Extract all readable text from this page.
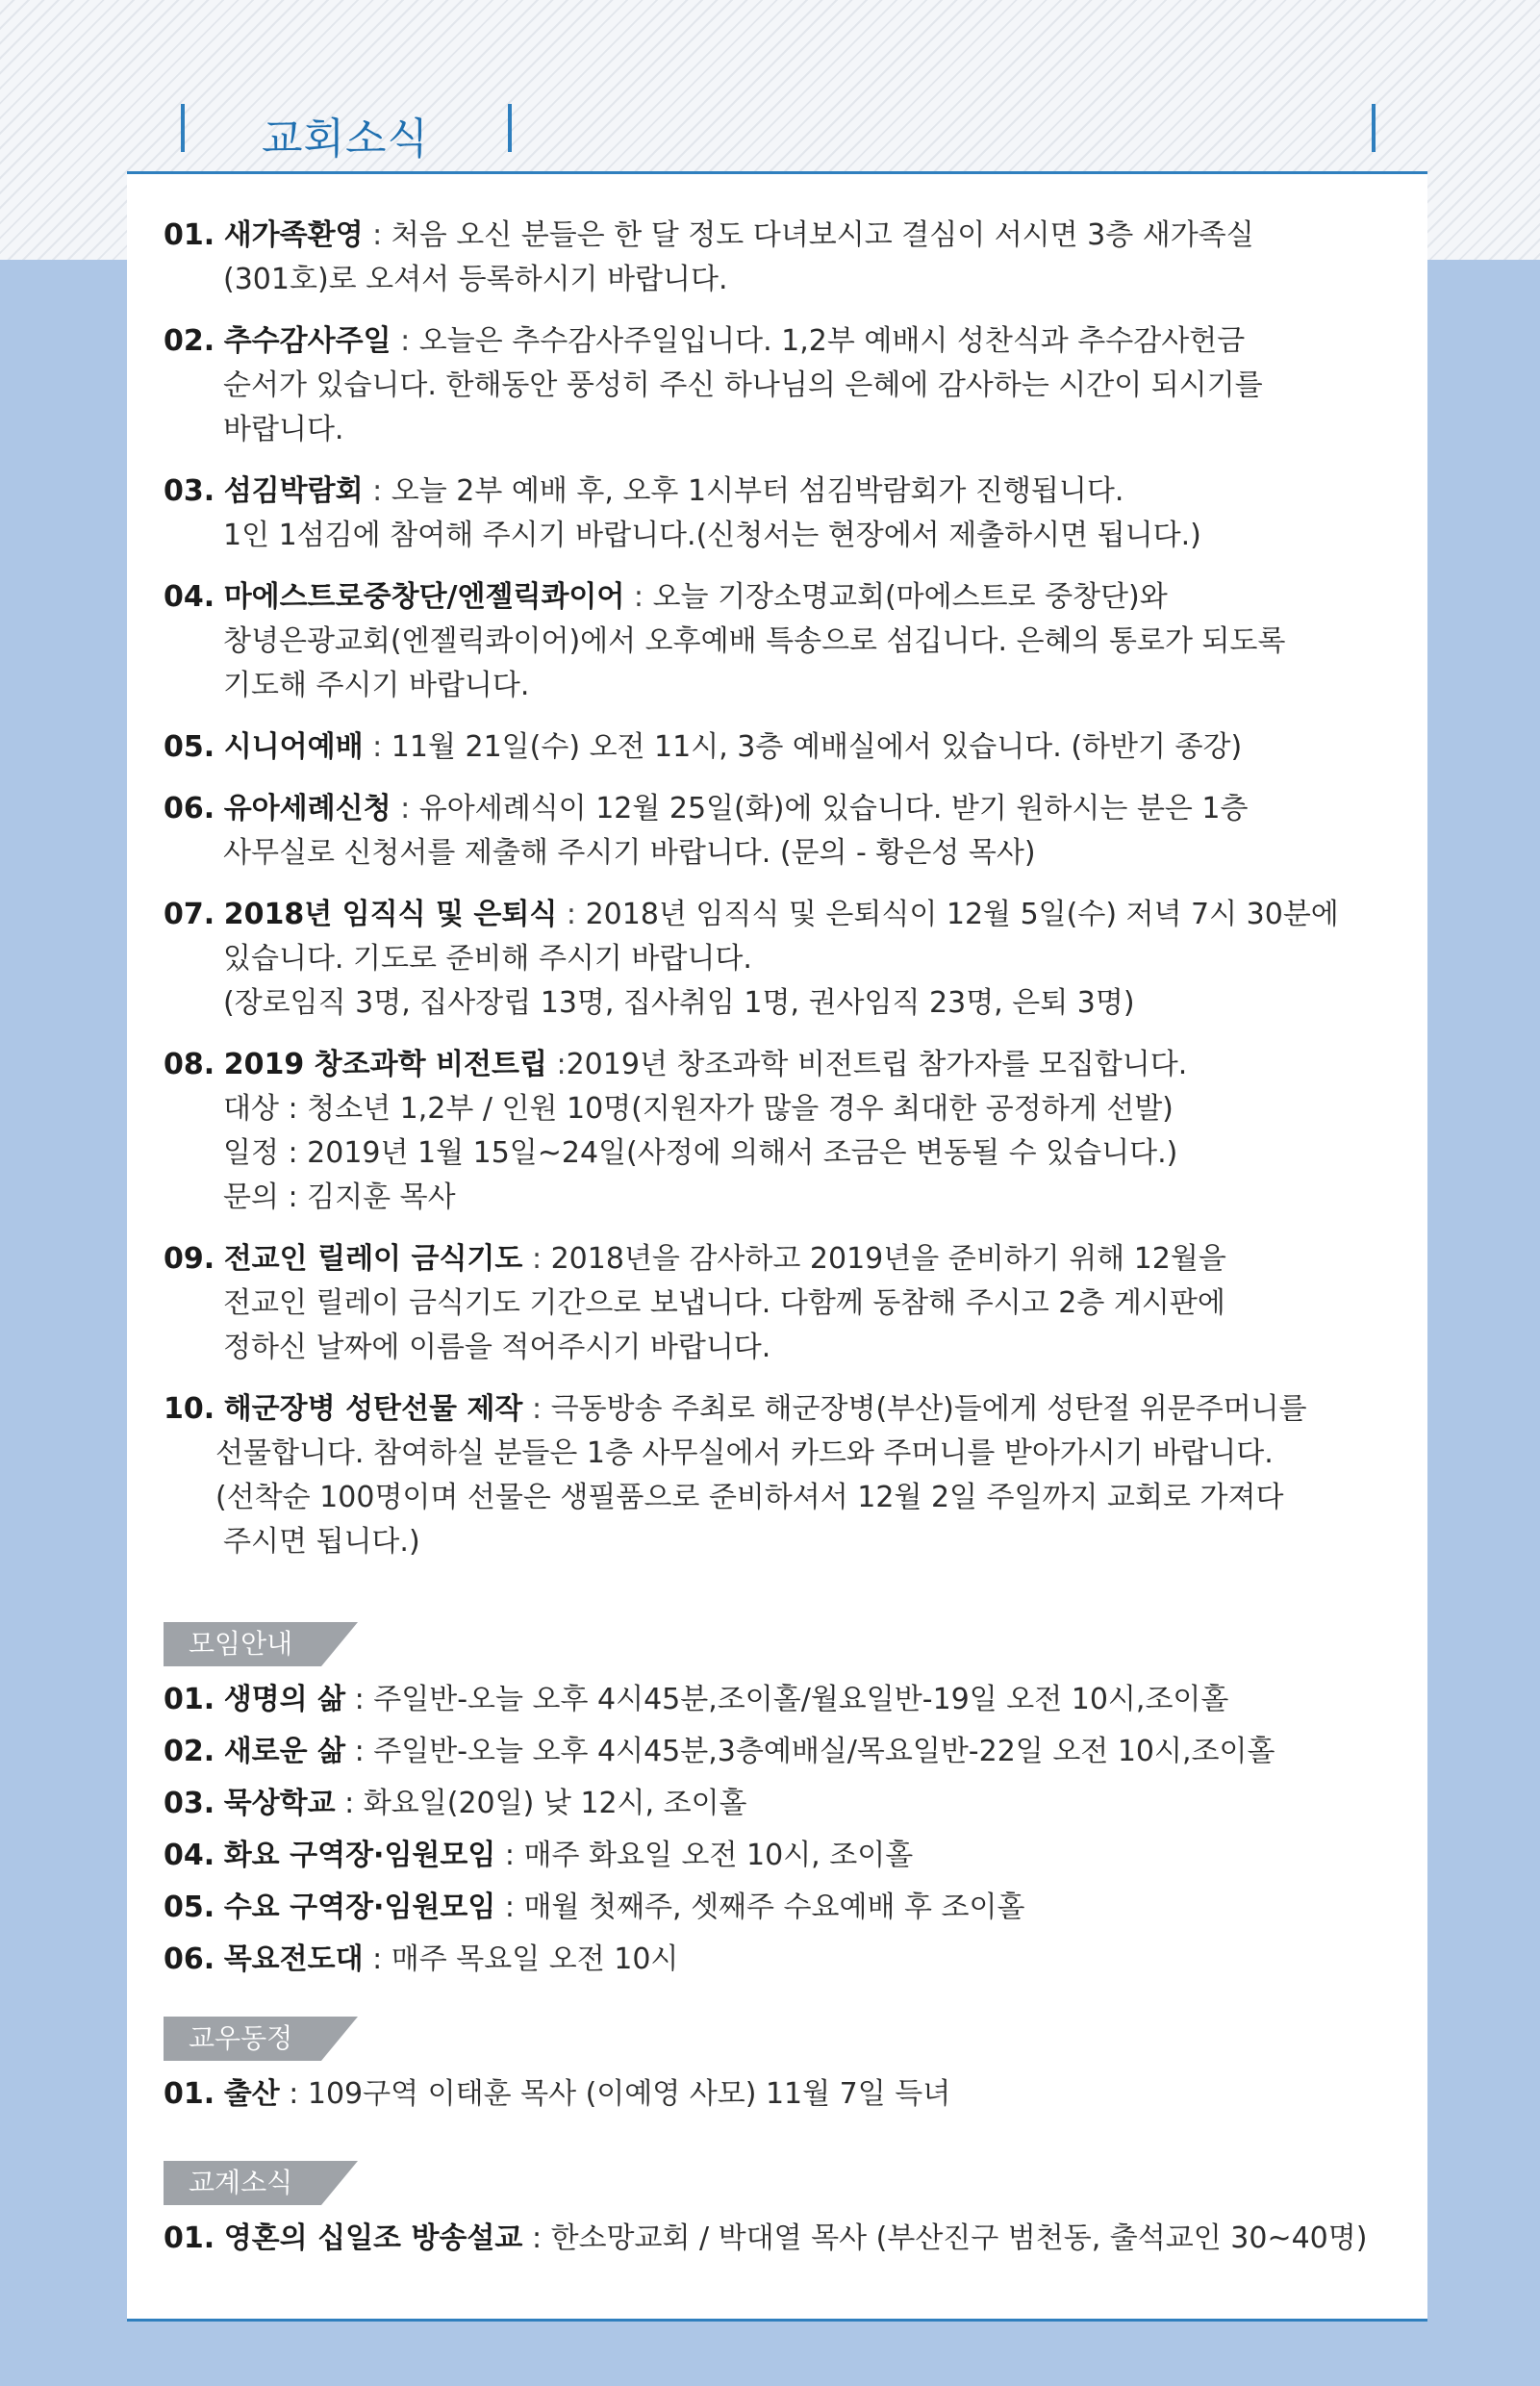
교회소식
01. 새가족환영 : 처음 오신 분들은 한 달 정도 다녀보시고 결심이 서시면 3층 새가족실
(301호)로 오셔서 등록하시기 바랍니다.
02. 추수감사주일 : 오늘은 추수감사주일입니다. 1,2부 예배시 성찬식과 추수감사헌금
순서가 있습니다. 한해동안 풍성히 주신 하나님의 은혜에 감사하는 시간이 되시기를
바랍니다.
03. 섬김박람회 : 오늘 2부 예배 후, 오후 1시부터 섬김박람회가 진행됩니다.
1인 1섬김에 참여해 주시기 바랍니다.(신청서는 현장에서 제출하시면 됩니다.)
04. 마에스트로중창단/엔젤릭콰이어 : 오늘 기장소명교회(마에스트로 중창단)와
창녕은광교회(엔젤릭콰이어)에서 오후예배 특송으로 섬깁니다. 은혜의 통로가 되도록
기도해 주시기 바랍니다.
05. 시니어예배 : 11월 21일(수) 오전 11시, 3층 예배실에서 있습니다. (하반기 종강)
06. 유아세례신청 : 유아세례식이 12월 25일(화)에 있습니다. 받기 원하시는 분은 1층
사무실로 신청서를 제출해 주시기 바랍니다. (문의 - 황은성 목사)
07. 2018년 임직식 및 은퇴식 : 2018년 임직식 및 은퇴식이 12월 5일(수) 저녁 7시 30분에
있습니다. 기도로 준비해 주시기 바랍니다.
(장로임직 3명, 집사장립 13명, 집사취임 1명, 권사임직 23명, 은퇴 3명)
08. 2019 창조과학 비전트립 :2019년 창조과학 비전트립 참가자를 모집합니다.
대상 : 청소년 1,2부 / 인원 10명(지원자가 많을 경우 최대한 공정하게 선발)
일정 : 2019년 1월 15일~24일(사정에 의해서 조금은 변동될 수 있습니다.)
문의 : 김지훈 목사
09. 전교인 릴레이 금식기도 : 2018년을 감사하고 2019년을 준비하기 위해 12월을
전교인 릴레이 금식기도 기간으로 보냅니다. 다함께 동참해 주시고 2층 게시판에
정하신 날짜에 이름을 적어주시기 바랍니다.
10. 해군장병 성탄선물 제작 : 극동방송 주최로 해군장병(부산)들에게 성탄절 위문주머니를
선물합니다. 참여하실 분들은 1층 사무실에서 카드와 주머니를 받아가시기 바랍니다.
(선착순 100명이며 선물은 생필품으로 준비하셔서 12월 2일 주일까지 교회로 가져다
주시면 됩니다.)
모임안내
01. 생명의 삶 : 주일반-오늘 오후 4시45분,조이홀/월요일반-19일 오전 10시,조이홀
02. 새로운 삶 : 주일반-오늘 오후 4시45분,3층예배실/목요일반-22일 오전 10시,조이홀
03. 묵상학교 : 화요일(20일) 낮 12시, 조이홀
04. 화요 구역장·임원모임 : 매주 화요일 오전 10시, 조이홀
05. 수요 구역장·임원모임 : 매월 첫째주, 셋째주 수요예배 후 조이홀
06. 목요전도대 : 매주 목요일 오전 10시
교우동정
01. 출산 : 109구역 이태훈 목사 (이예영 사모) 11월 7일 득녀
교계소식
01. 영혼의 십일조 방송설교 : 한소망교회 / 박대열 목사 (부산진구 범천동, 출석교인 30~40명)
